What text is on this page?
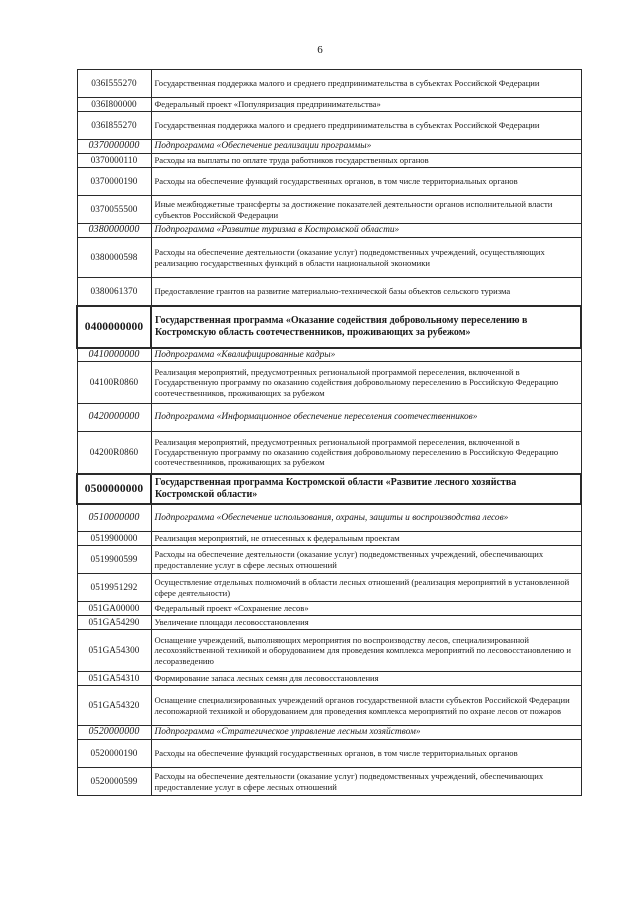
6
036I555270	Государственная поддержка малого и среднего предпринимательства в субъектах Российской Федерации
036I800000	Федеральный проект «Популяризация предпринимательства»
036I855270	Государственная поддержка малого и среднего предпринимательства в субъектах Российской Федерации
0370000000	Подпрограмма «Обеспечение реализации программы»
0370000110	Расходы на выплаты по оплате труда работников государственных органов
0370000190	Расходы на обеспечение функций государственных органов, в том числе территориальных органов
0370055500	Иные межбюджетные трансферты за достижение показателей деятельности органов исполнительной власти субъектов Российской Федерации
0380000000	Подпрограмма «Развитие туризма в Костромской области»
0380000598	Расходы на обеспечение деятельности (оказание услуг) подведомственных учреждений, осуществляющих реализацию государственных функций в области национальной экономики
0380061370	Предоставление грантов на развитие материально-технической базы объектов сельского туризма
0400000000	Государственная программа «Оказание содействия добровольному переселению в Костромскую область соотечественников, проживающих за рубежом»
0410000000	Подпрограмма «Квалифицированные кадры»
04100R0860	Реализация мероприятий, предусмотренных региональной программой переселения, включенной в Государственную программу по оказанию содействия добровольному переселению в Российскую Федерацию соотечественников, проживающих за рубежом
0420000000	Подпрограмма «Информационное обеспечение переселения соотечественников»
04200R0860	Реализация мероприятий, предусмотренных региональной программой переселения, включенной в Государственную программу по оказанию содействия добровольному переселению в Российскую Федерацию соотечественников, проживающих за рубежом
0500000000	Государственная программа Костромской области «Развитие лесного хозяйства Костромской области»
0510000000	Подпрограмма «Обеспечение использования, охраны, защиты и воспроизводства лесов»
0519900000	Реализация мероприятий, не отнесенных к федеральным проектам
0519900599	Расходы на обеспечение деятельности (оказание услуг) подведомственных учреждений, обеспечивающих предоставление услуг в сфере лесных отношений
0519951292	Осуществление отдельных полномочий в области лесных отношений (реализация мероприятий в установленной сфере деятельности)
051GA00000	Федеральный проект «Сохранение лесов»
051GA54290	Увеличение площади лесовосстановления
051GA54300	Оснащение учреждений, выполняющих мероприятия по воспроизводству лесов, специализированной лесохозяйственной техникой и оборудованием для проведения комплекса мероприятий по лесовосстановлению и лесоразведению
051GA54310	Формирование запаса лесных семян для лесовосстановления
051GA54320	Оснащение специализированных учреждений органов государственной власти субъектов Российской Федерации лесопожарной техникой и оборудованием для проведения комплекса мероприятий по охране лесов от пожаров
0520000000	Подпрограмма «Стратегическое управление лесным хозяйством»
0520000190	Расходы на обеспечение функций государственных органов, в том числе территориальных органов
0520000599	Расходы на обеспечение деятельности (оказание услуг) подведомственных учреждений, обеспечивающих предоставление услуг в сфере лесных отношений
